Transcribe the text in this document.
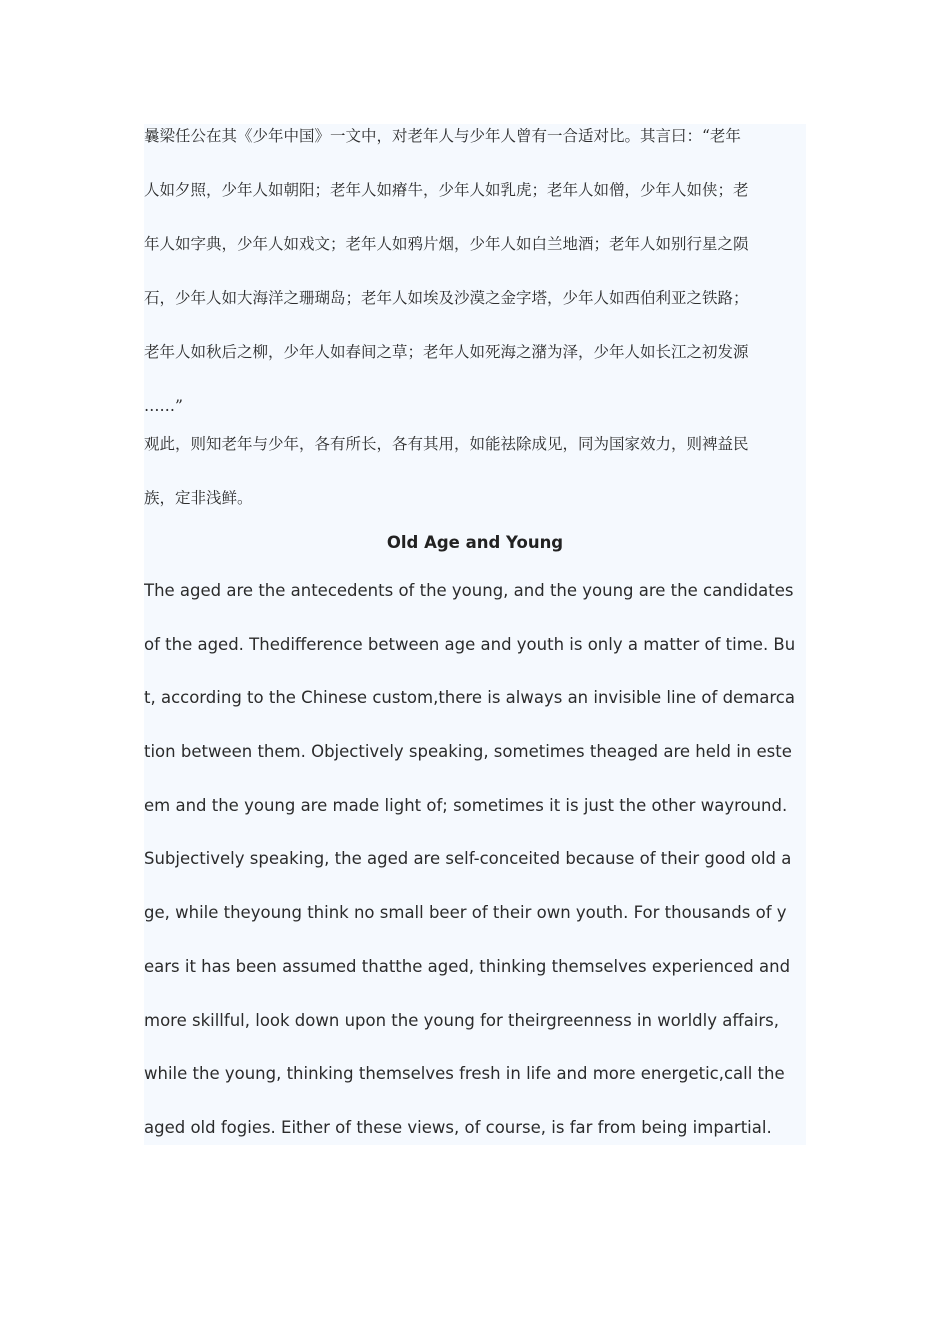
曩梁任公在其《少年中国》一文中，对老年人与少年人曾有一合适对比。其言曰：“老年
人如夕照，少年人如朝阳；老年人如瘠牛，少年人如乳虎；老年人如僧，少年人如侠；老
年人如字典，少年人如戏文；老年人如鸦片烟，少年人如白兰地酒；老年人如别行星之陨
石，少年人如大海洋之珊瑚岛；老年人如埃及沙漠之金字塔，少年人如西伯利亚之铁路；
老年人如秋后之柳，少年人如春间之草；老年人如死海之潴为泽，少年人如长江之初发源
……”
观此，则知老年与少年，各有所长，各有其用，如能祛除成见，同为国家效力，则裨益民
族，定非浅鲜。
Old Age and Young
The aged are the antecedents of the young, and the young are the candidates
of the aged. Thedifference between age and youth is only a matter of time. Bu
t, according to the Chinese custom,there is always an invisible line of demarca
tion between them. Objectively speaking, sometimes theaged are held in este
em and the young are made light of; sometimes it is just the other wayround.
Subjectively speaking, the aged are self-conceited because of their good old a
ge, while theyoung think no small beer of their own youth. For thousands of y
ears it has been assumed thatthe aged, thinking themselves experienced and
more skillful, look down upon the young for theirgreenness in worldly affairs,
while the young, thinking themselves fresh in life and more energetic,call the
aged old fogies. Either of these views, of course, is far from being impartial.
